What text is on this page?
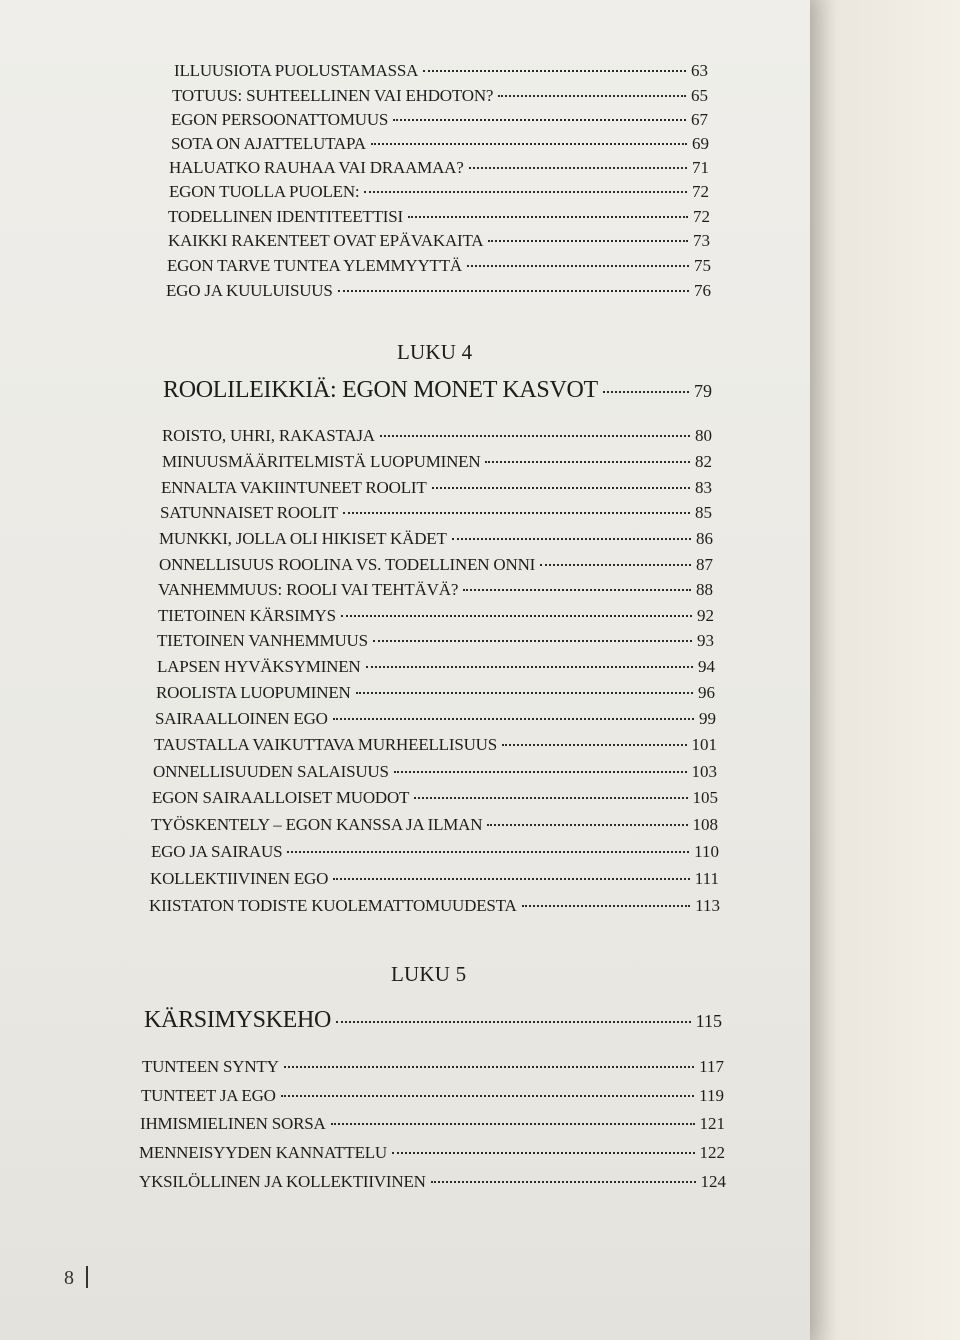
ILLUUSIOTA PUOLUSTAMASSA	63
TOTUUS: SUHTEELLINEN VAI EHDOTON?	65
EGON PERSOONATTOMUUS	67
SOTA ON AJATTELUTAPA	69
HALUATKO RAUHAA VAI DRAAMAA?	71
EGON TUOLLA PUOLEN:	72
TODELLINEN IDENTITEETTISI	72
KAIKKI RAKENTEET OVAT EPÄVAKAITA	73
EGON TARVE TUNTEA YLEMMYYTTÄ	75
EGO JA KUULUISUUS	76
LUKU 4
ROOLILEIKKIÄ: EGON MONET KASVOT	79
ROISTO, UHRI, RAKASTAJA	80
MINUUSMÄÄRITELMISTÄ LUOPUMINEN	82
ENNALTA VAKIINTUNEET ROOLIT	83
SATUNNAISET ROOLIT	85
MUNKKI, JOLLA OLI HIKISET KÄDET	86
ONNELLISUUS ROOLINA VS. TODELLINEN ONNI	87
VANHEMMUUS: ROOLI VAI TEHTÄVÄ?	88
TIETOINEN KÄRSIMYS	92
TIETOINEN VANHEMMUUS	93
LAPSEN HYVÄKSYMINEN	94
ROOLISTA LUOPUMINEN	96
SAIRAALLOINEN EGO	99
TAUSTALLA VAIKUTTAVA MURHEELLISUUS	101
ONNELLISUUDEN SALAISUUS	103
EGON SAIRAALLOISET MUODOT	105
TYÖSKENTELY – EGON KANSSA JA ILMAN	108
EGO JA SAIRAUS	110
KOLLEKTIIVINEN EGO	111
KIISTATON TODISTE KUOLEMATTOMUUDESTA	113
LUKU 5
KÄRSIMYSKEHO	115
TUNTEEN SYNTY	117
TUNTEET JA EGO	119
IHMISMIELINEN SORSA	121
MENNEISYYDEN KANNATTELU	122
YKSILÖLLINEN JA KOLLEKTIIVINEN	124
8
